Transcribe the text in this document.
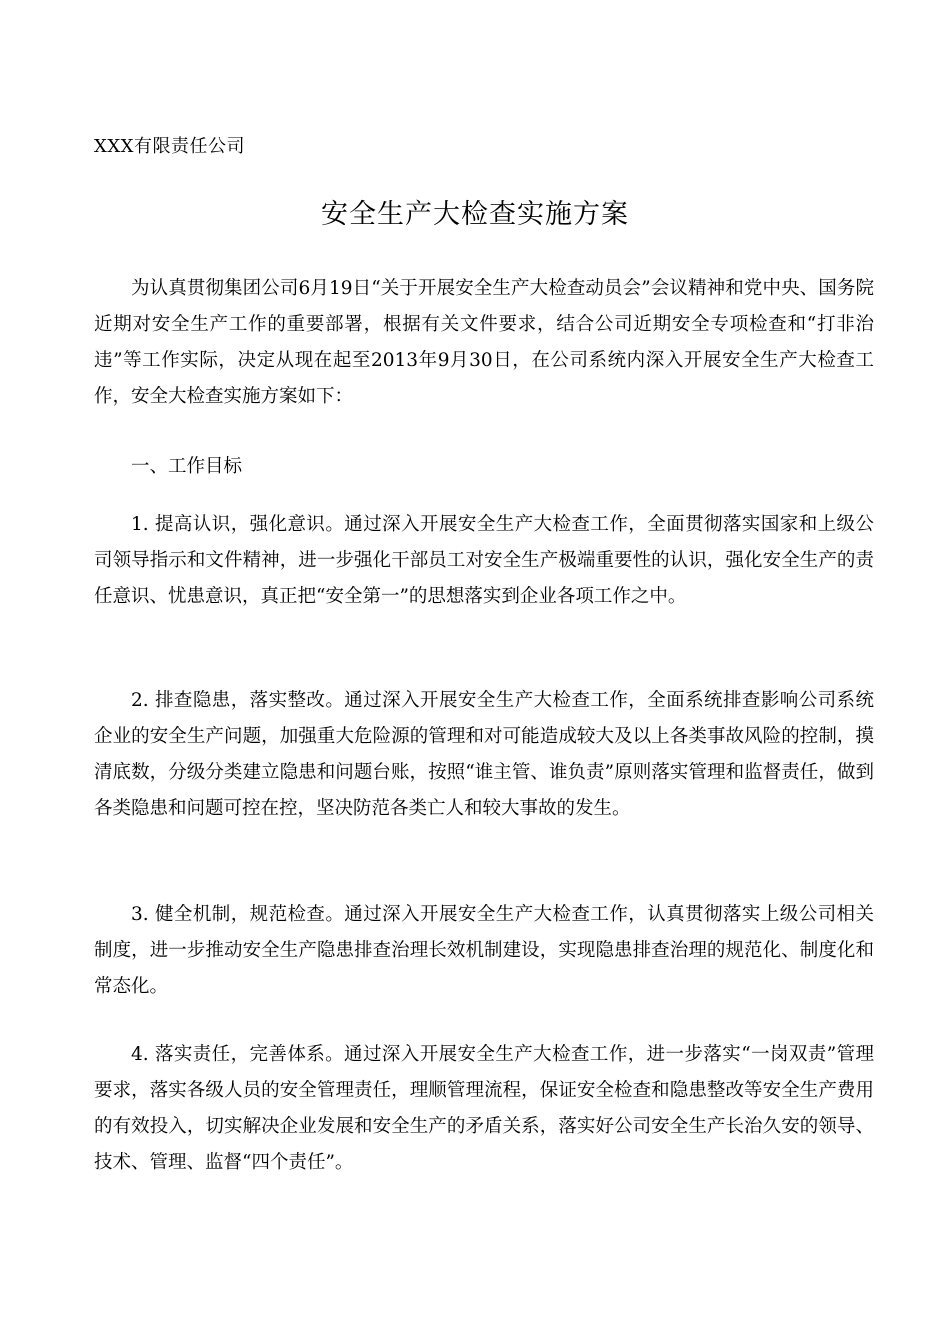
XXX有限责任公司
安全生产大检查实施方案

为认真贯彻集团公司6月19日“关于开展安全生产大检查动员会”会议精神和党中央、国务院近期对安全生产工作的重要部署，根据有关文件要求，结合公司近期安全专项检查和“打非治违”等工作实际，决定从现在起至2013年9月30日，在公司系统内深入开展安全生产大检查工作，安全大检查实施方案如下：

一、工作目标

1. 提高认识，强化意识。通过深入开展安全生产大检查工作，全面贯彻落实国家和上级公司领导指示和文件精神，进一步强化干部员工对安全生产极端重要性的认识，强化安全生产的责任意识、忧患意识，真正把“安全第一”的思想落实到企业各项工作之中。

2. 排查隐患，落实整改。通过深入开展安全生产大检查工作，全面系统排查影响公司系统企业的安全生产问题，加强重大危险源的管理和对可能造成较大及以上各类事故风险的控制，摸清底数，分级分类建立隐患和问题台账，按照“谁主管、谁负责”原则落实管理和监督责任，做到各类隐患和问题可控在控，坚决防范各类亡人和较大事故的发生。

3. 健全机制，规范检查。通过深入开展安全生产大检查工作，认真贯彻落实上级公司相关制度，进一步推动安全生产隐患排查治理长效机制建设，实现隐患排查治理的规范化、制度化和常态化。

4. 落实责任，完善体系。通过深入开展安全生产大检查工作，进一步落实“一岗双责”管理要求，落实各级人员的安全管理责任，理顺管理流程，保证安全检查和隐患整改等安全生产费用的有效投入，切实解决企业发展和安全生产的矛盾关系，落实好公司安全生产长治久安的领导、技术、管理、监督“四个责任”。
